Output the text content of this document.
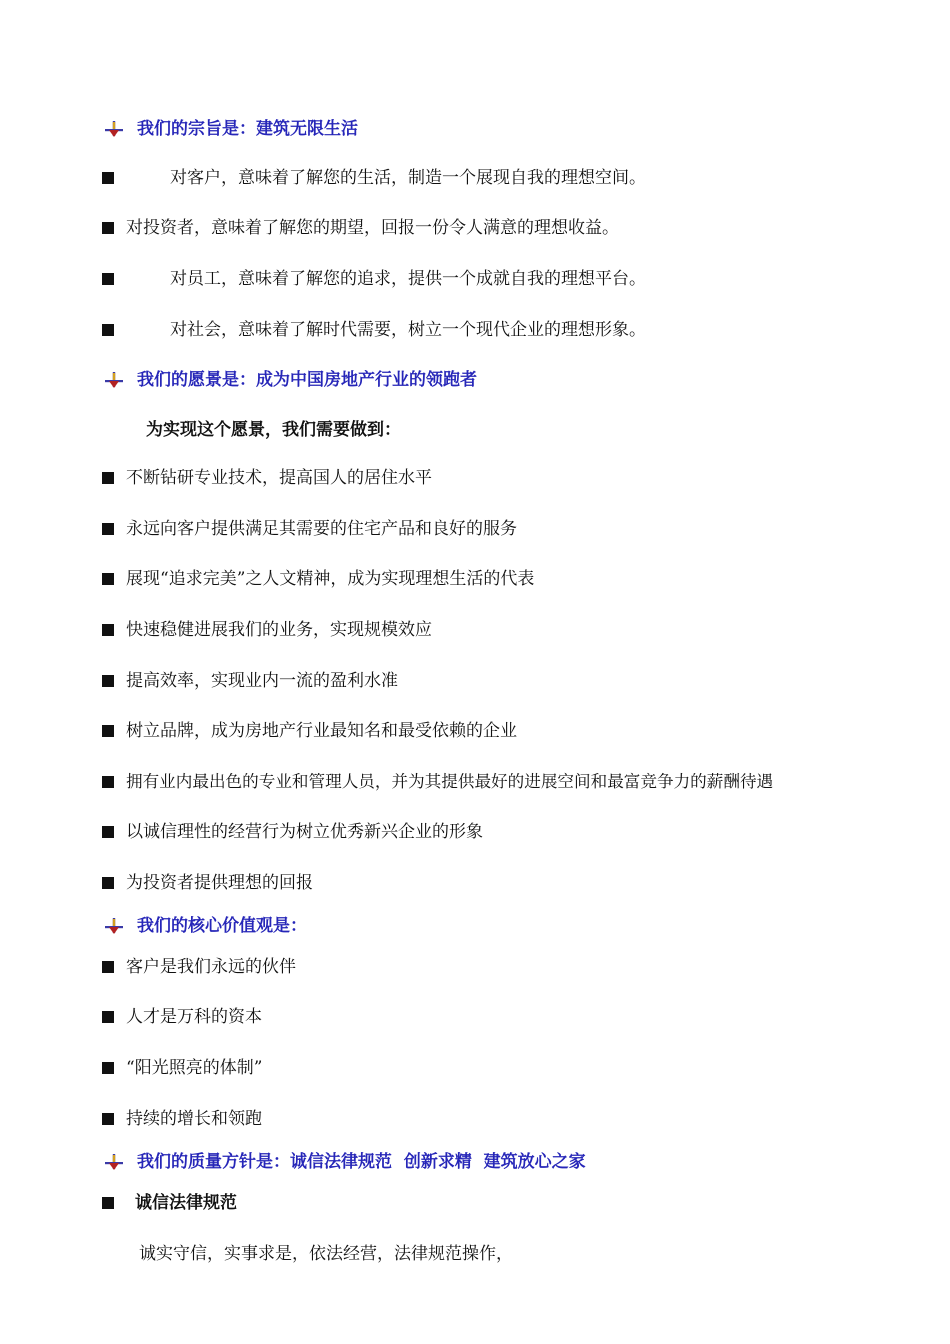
我们的宗旨是：建筑无限生活
对客户，意味着了解您的生活，制造一个展现自我的理想空间。
对投资者，意味着了解您的期望，回报一份令人满意的理想收益。
对员工，意味着了解您的追求，提供一个成就自我的理想平台。
对社会，意味着了解时代需要，树立一个现代企业的理想形象。
我们的愿景是：成为中国房地产行业的领跑者
为实现这个愿景，我们需要做到：
不断钻研专业技术，提高国人的居住水平
永远向客户提供满足其需要的住宅产品和良好的服务
展现“追求完美”之人文精神，成为实现理想生活的代表
快速稳健进展我们的业务，实现规模效应
提高效率，实现业内一流的盈利水准
树立品牌，成为房地产行业最知名和最受依赖的企业
拥有业内最出色的专业和管理人员，并为其提供最好的进展空间和最富竞争力的薪酬待遇
以诚信理性的经营行为树立优秀新兴企业的形象
为投资者提供理想的回报
我们的核心价值观是：
客户是我们永远的伙伴
人才是万科的资本
“阳光照亮的体制”
持续的增长和领跑
我们的质量方针是：诚信法律规范  创新求精  建筑放心之家
诚信法律规范
诚实守信，实事求是，依法经营，法律规范操作，
